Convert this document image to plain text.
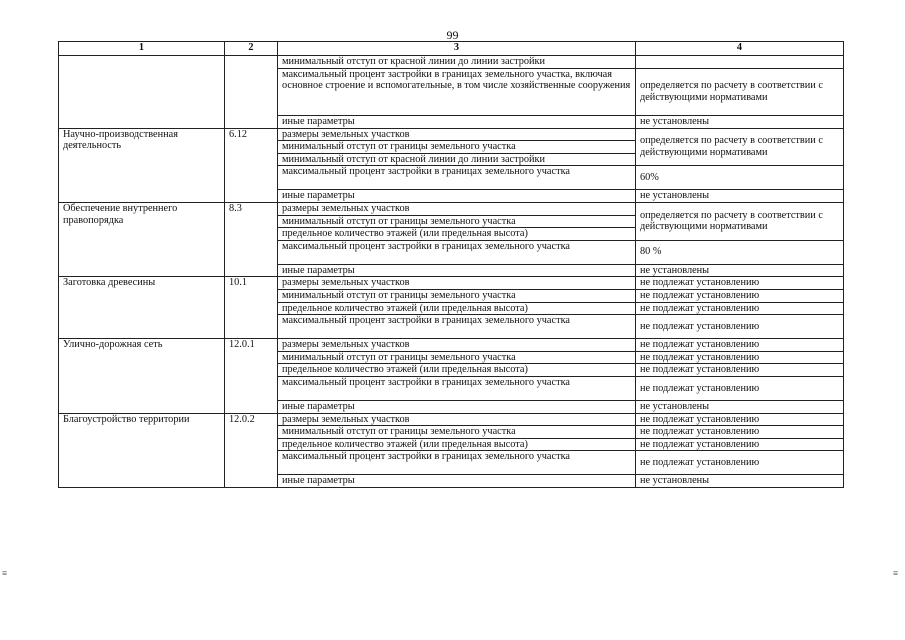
99
≡	≡
1	2	3	4
		минимальный отступ от красной линии до линии застройки	
		максимальный процент застройки в границах земельного участка, включая основное строение и вспомогательные, в том числе хозяйственные сооружения	определяется по расчету в соответствии с действующими нормативами
		иные параметры	не установлены
Научно-производственная деятельность	6.12	размеры земельных участков	определяется по расчету в соответствии с действующими нормативами
		минимальный отступ от границы земельного участка	
		минимальный отступ от красной линии до линии застройки	
		максимальный процент застройки в границах земельного участка	60%
		иные параметры	не установлены
Обеспечение внутреннего правопорядка	8.3	размеры земельных участков	определяется по расчету в соответствии с действующими нормативами
		минимальный отступ от границы земельного участка	
		предельное количество этажей (или предельная высота)	
		максимальный процент застройки в границах земельного участка	80 %
		иные параметры	не установлены
Заготовка древесины	10.1	размеры земельных участков	не подлежат установлению
		минимальный отступ от границы земельного участка	не подлежат установлению
		предельное количество этажей (или предельная высота)	не подлежат установлению
		максимальный процент застройки в границах земельного участка	не подлежат установлению
Улично-дорожная сеть	12.0.1	размеры земельных участков	не подлежат установлению
		минимальный отступ от границы земельного участка	не подлежат установлению
		предельное количество этажей (или предельная высота)	не подлежат установлению
		максимальный процент застройки в границах земельного участка	не подлежат установлению
		иные параметры	не установлены
Благоустройство территории	12.0.2	размеры земельных участков	не подлежат установлению
		минимальный отступ от границы земельного участка	не подлежат установлению
		предельное количество этажей (или предельная высота)	не подлежат установлению
		максимальный процент застройки в границах земельного участка	не подлежат установлению
		иные параметры	не установлены
